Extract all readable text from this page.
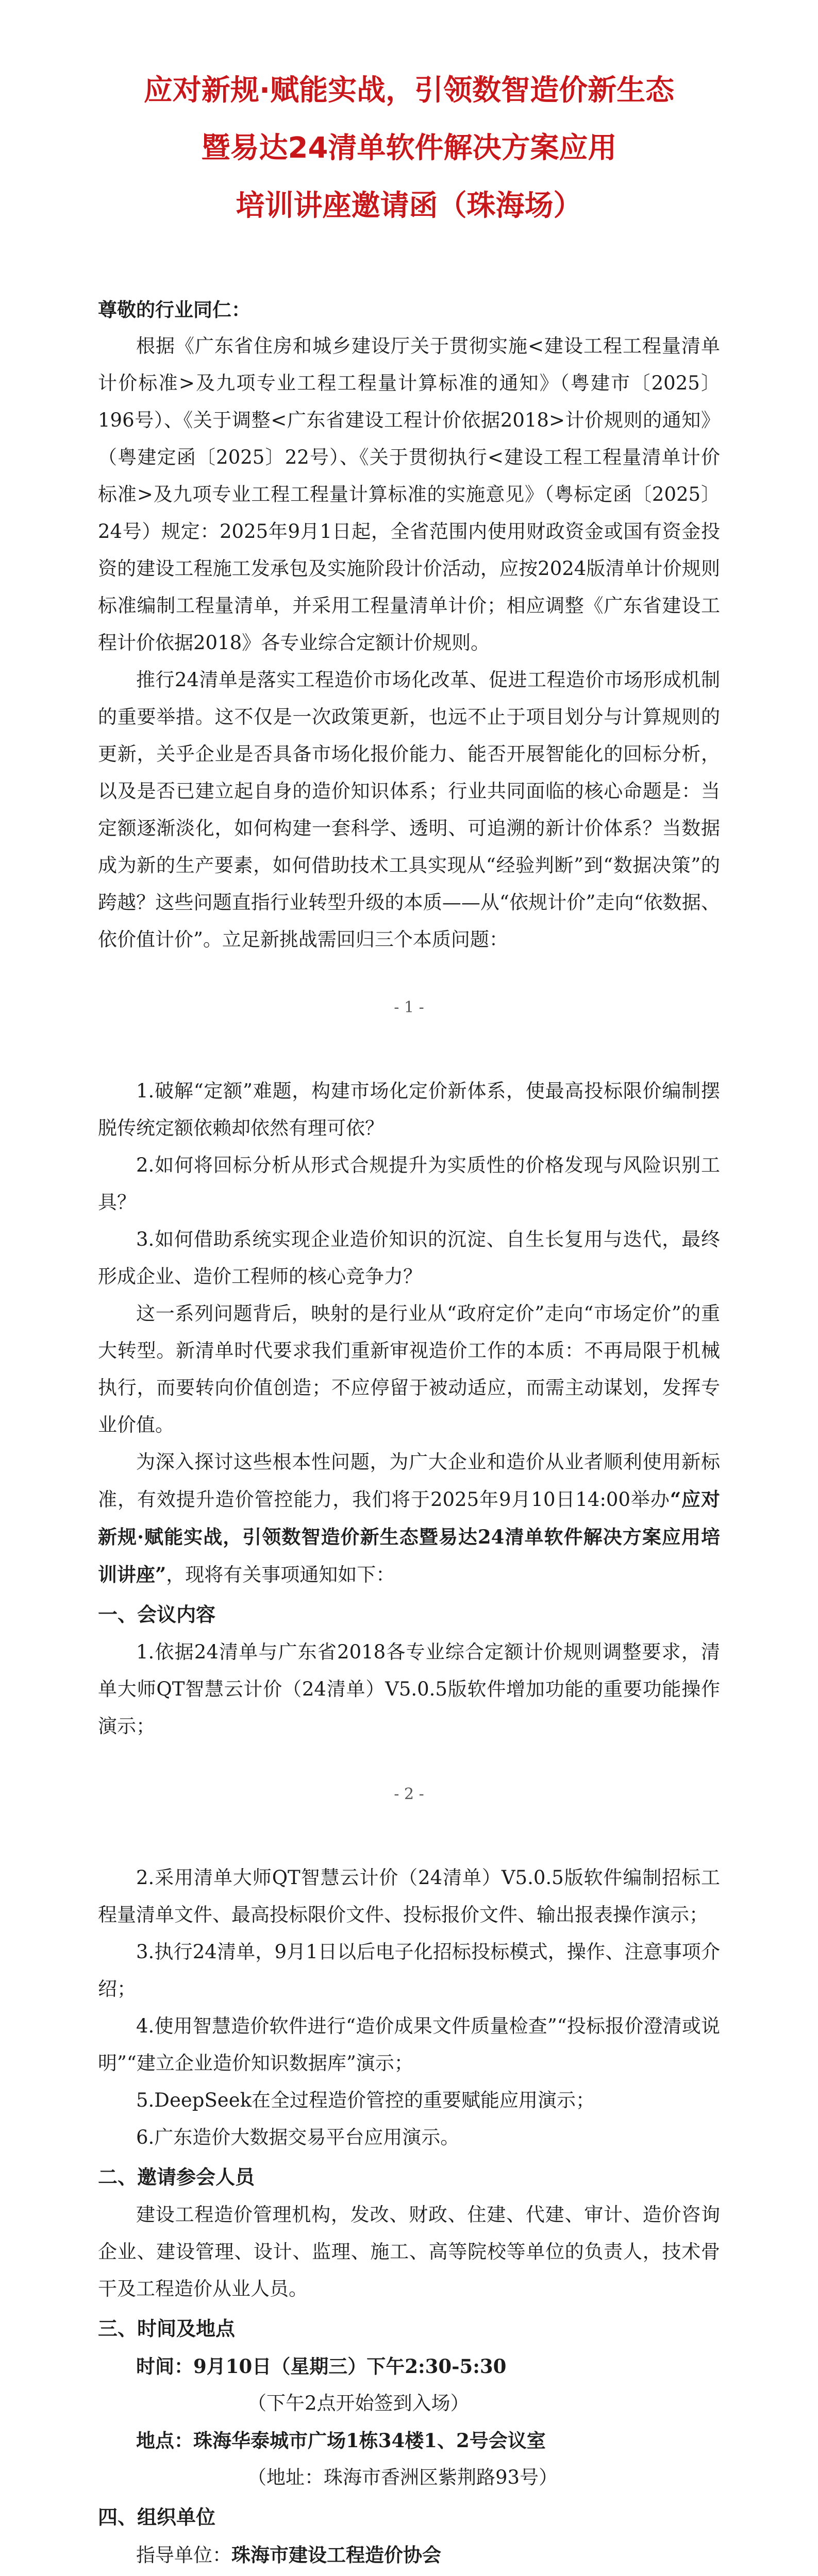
应对新规·赋能实战，引领数智造价新生态

暨易达24清单软件解决方案应用

培训讲座邀请函（珠海场）

尊敬的行业同仁：

根据《广东省住房和城乡建设厅关于贯彻实施<建设工程工程量清单计价标准>及九项专业工程工程量计算标准的通知》（粤建市〔2025〕196号）、《关于调整<广东省建设工程计价依据2018>计价规则的通知》（粤建定函〔2025〕22号）、《关于贯彻执行<建设工程工程量清单计价标准>及九项专业工程工程量计算标准的实施意见》（粤标定函〔2025〕24号）规定：2025年9月1日起，全省范围内使用财政资金或国有资金投资的建设工程施工发承包及实施阶段计价活动，应按2024版清单计价规则标准编制工程量清单，并采用工程量清单计价；相应调整《广东省建设工程计价依据2018》各专业综合定额计价规则。

推行24清单是落实工程造价市场化改革、促进工程造价市场形成机制的重要举措。这不仅是一次政策更新，也远不止于项目划分与计算规则的更新，关乎企业是否具备市场化报价能力、能否开展智能化的回标分析，以及是否已建立起自身的造价知识体系；行业共同面临的核心命题是：当定额逐渐淡化，如何构建一套科学、透明、可追溯的新计价体系？当数据成为新的生产要素，如何借助技术工具实现从“经验判断”到“数据决策”的跨越？这些问题直指行业转型升级的本质——从“依规计价”走向“依数据、依价值计价”。立足新挑战需回归三个本质问题：

- 1 -

1.破解“定额”难题，构建市场化定价新体系，使最高投标限价编制摆脱传统定额依赖却依然有理可依？

2.如何将回标分析从形式合规提升为实质性的价格发现与风险识别工具？

3.如何借助系统实现企业造价知识的沉淀、自生长复用与迭代，最终形成企业、造价工程师的核心竞争力？

这一系列问题背后，映射的是行业从“政府定价”走向“市场定价”的重大转型。新清单时代要求我们重新审视造价工作的本质：不再局限于机械执行，而要转向价值创造；不应停留于被动适应，而需主动谋划，发挥专业价值。

为深入探讨这些根本性问题，为广大企业和造价从业者顺利使用新标准，有效提升造价管控能力，我们将于2025年9月10日14:00举办“应对新规·赋能实战，引领数智造价新生态暨易达24清单软件解决方案应用培训讲座”，现将有关事项通知如下：

一、会议内容

1.依据24清单与广东省2018各专业综合定额计价规则调整要求，清单大师QT智慧云计价（24清单）V5.0.5版软件增加功能的重要功能操作演示；

- 2 -

2.采用清单大师QT智慧云计价（24清单）V5.0.5版软件编制招标工程量清单文件、最高投标限价文件、投标报价文件、输出报表操作演示；

3.执行24清单，9月1日以后电子化招标投标模式，操作、注意事项介绍；

4.使用智慧造价软件进行“造价成果文件质量检查”“投标报价澄清或说明”“建立企业造价知识数据库”演示；

5.DeepSeek在全过程造价管控的重要赋能应用演示；

6.广东造价大数据交易平台应用演示。

二、邀请参会人员

建设工程造价管理机构，发改、财政、住建、代建、审计、造价咨询企业、建设管理、设计、监理、施工、高等院校等单位的负责人，技术骨干及工程造价从业人员。

三、时间及地点

时间：9月10日（星期三）下午2:30-5:30

（下午2点开始签到入场）

地点：珠海华泰城市广场1栋34楼1、2号会议室

（地址：珠海市香洲区紫荆路93号）

四、组织单位

指导单位：珠海市建设工程造价协会
